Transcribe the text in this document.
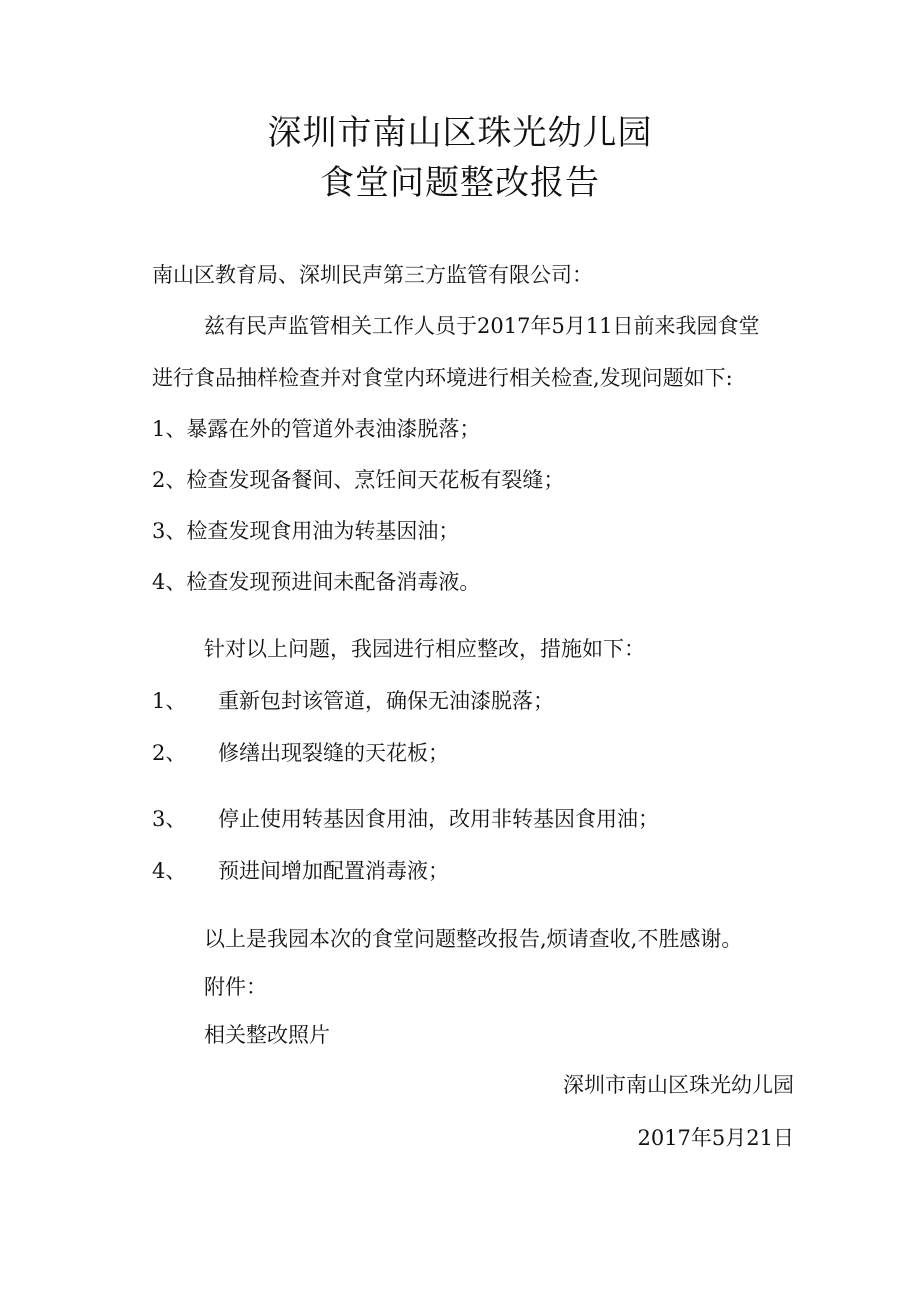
深圳市南山区珠光幼儿园
食堂问题整改报告
南山区教育局、深圳民声第三方监管有限公司：
兹有民声监管相关工作人员于2017年5月11日前来我园食堂
进行食品抽样检查并对食堂内环境进行相关检查,发现问题如下:
1、暴露在外的管道外表油漆脱落；
2、检查发现备餐间、烹饪间天花板有裂缝；
3、检查发现食用油为转基因油；
4、检查发现预进间未配备消毒液。
针对以上问题，我园进行相应整改，措施如下：
1、 重新包封该管道，确保无油漆脱落；
2、 修缮出现裂缝的天花板；
3、 停止使用转基因食用油，改用非转基因食用油；
4、 预进间增加配置消毒液；
以上是我园本次的食堂问题整改报告,烦请查收,不胜感谢。
附件：
相关整改照片
深圳市南山区珠光幼儿园
2017年5月21日
